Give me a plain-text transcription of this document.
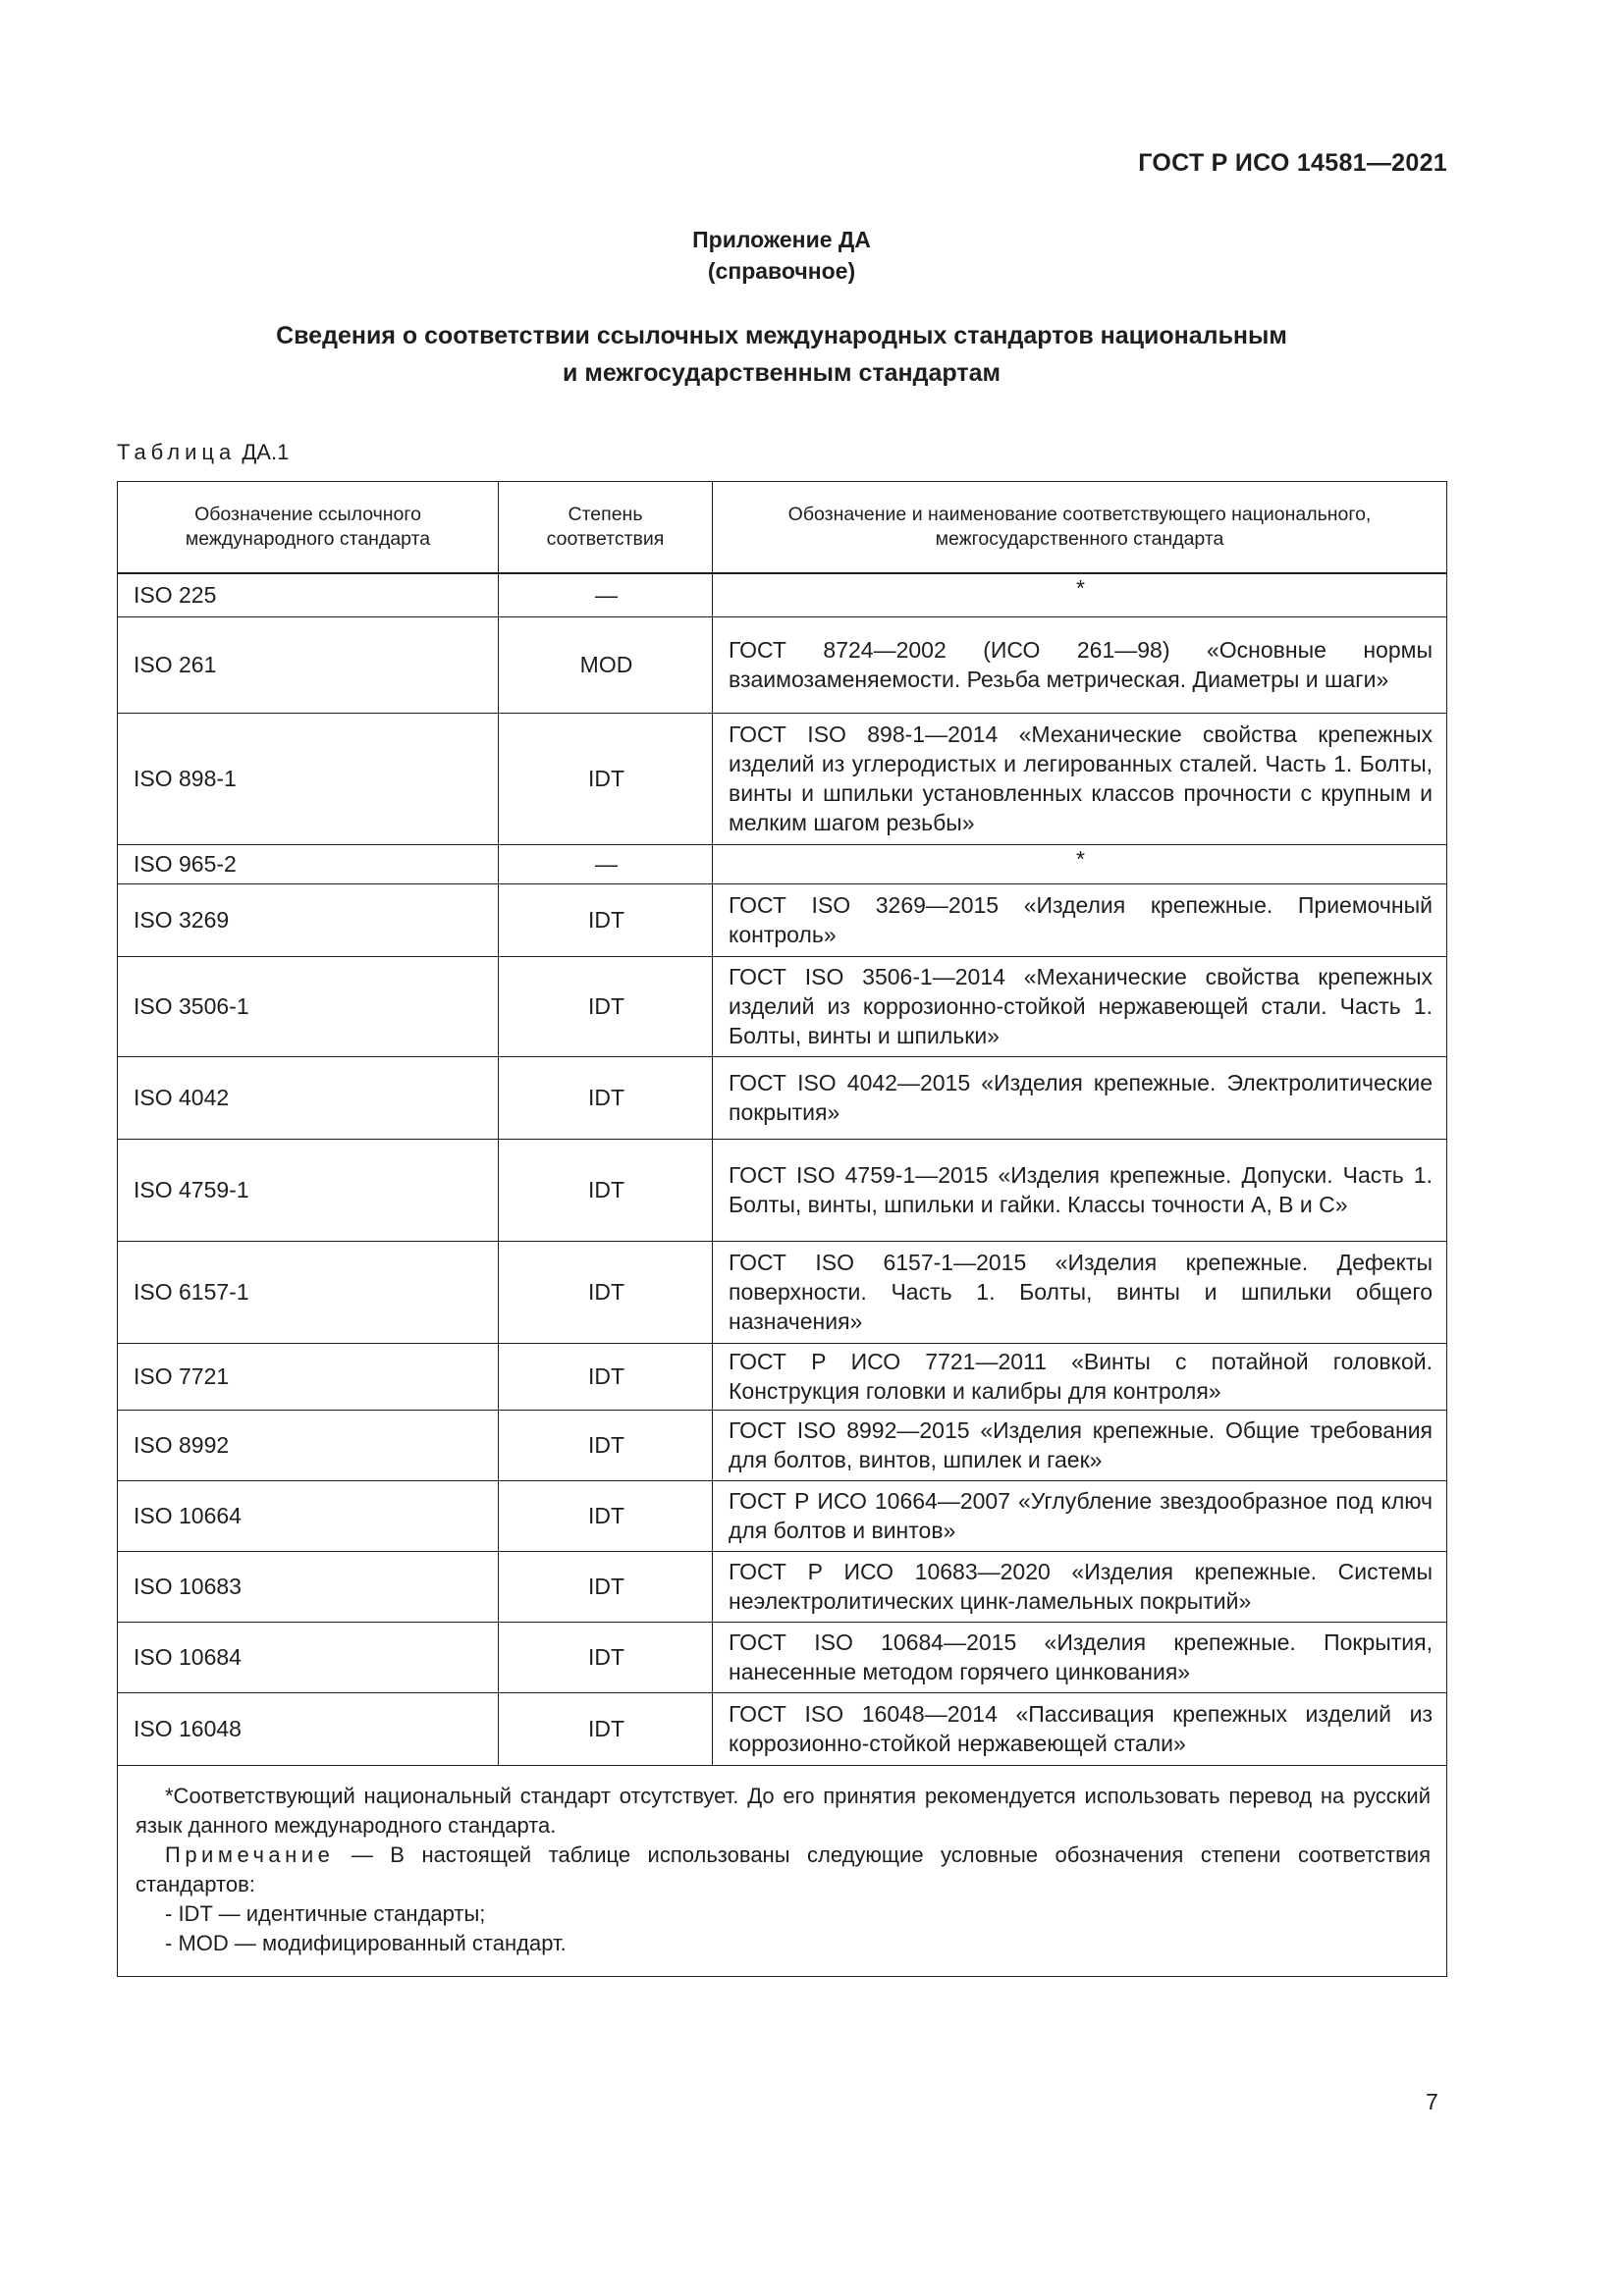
ГОСТ Р ИСО 14581—2021
Приложение ДА
(справочное)
Сведения о соответствии ссылочных международных стандартов национальным
и межгосударственным стандартам
Таблица ДА.1
Обозначение ссылочного международного стандарта	Степень соответствия	Обозначение и наименование соответствующего национального, межгосударственного стандарта
ISO 225	—	*
ISO 261	MOD	ГОСТ 8724—2002 (ИСО 261—98) «Основные нормы взаимозаменяемости. Резьба метрическая. Диаметры и шаги»
ISO 898-1	IDT	ГОСТ ISO 898-1—2014 «Механические свойства крепежных изделий из углеродистых и легированных сталей. Часть 1. Болты, винты и шпильки установленных классов прочности с крупным и мелким шагом резьбы»
ISO 965-2	—	*
ISO 3269	IDT	ГОСТ ISO 3269—2015 «Изделия крепежные. Приемочный контроль»
ISO 3506-1	IDT	ГОСТ ISO 3506-1—2014 «Механические свойства крепежных изделий из коррозионно-стойкой нержавеющей стали. Часть 1. Болты, винты и шпильки»
ISO 4042	IDT	ГОСТ ISO 4042—2015 «Изделия крепежные. Электролитические покрытия»
ISO 4759-1	IDT	ГОСТ ISO 4759-1—2015 «Изделия крепежные. Допуски. Часть 1. Болты, винты, шпильки и гайки. Классы точности A, B и C»
ISO 6157-1	IDT	ГОСТ ISO 6157-1—2015 «Изделия крепежные. Дефекты поверхности. Часть 1. Болты, винты и шпильки общего назначения»
ISO 7721	IDT	ГОСТ Р ИСО 7721—2011 «Винты с потайной головкой. Конструкция головки и калибры для контроля»
ISO 8992	IDT	ГОСТ ISO 8992—2015 «Изделия крепежные. Общие требования для болтов, винтов, шпилек и гаек»
ISO 10664	IDT	ГОСТ Р ИСО 10664—2007 «Углубление звездообразное под ключ для болтов и винтов»
ISO 10683	IDT	ГОСТ Р ИСО 10683—2020 «Изделия крепежные. Системы неэлектролитических цинк-ламельных покрытий»
ISO 10684	IDT	ГОСТ ISO 10684—2015 «Изделия крепежные. Покрытия, нанесенные методом горячего цинкования»
ISO 16048	IDT	ГОСТ ISO 16048—2014 «Пассивация крепежных изделий из коррозионно-стойкой нержавеющей стали»

*Соответствующий национальный стандарт отсутствует. До его принятия рекомендуется использовать перевод на русский язык данного международного стандарта.

Примечание — В настоящей таблице использованы следующие условные обозначения степени соответствия стандартов:

- IDT — идентичные стандарты;

- MOD — модифицированный стандарт.		

7
